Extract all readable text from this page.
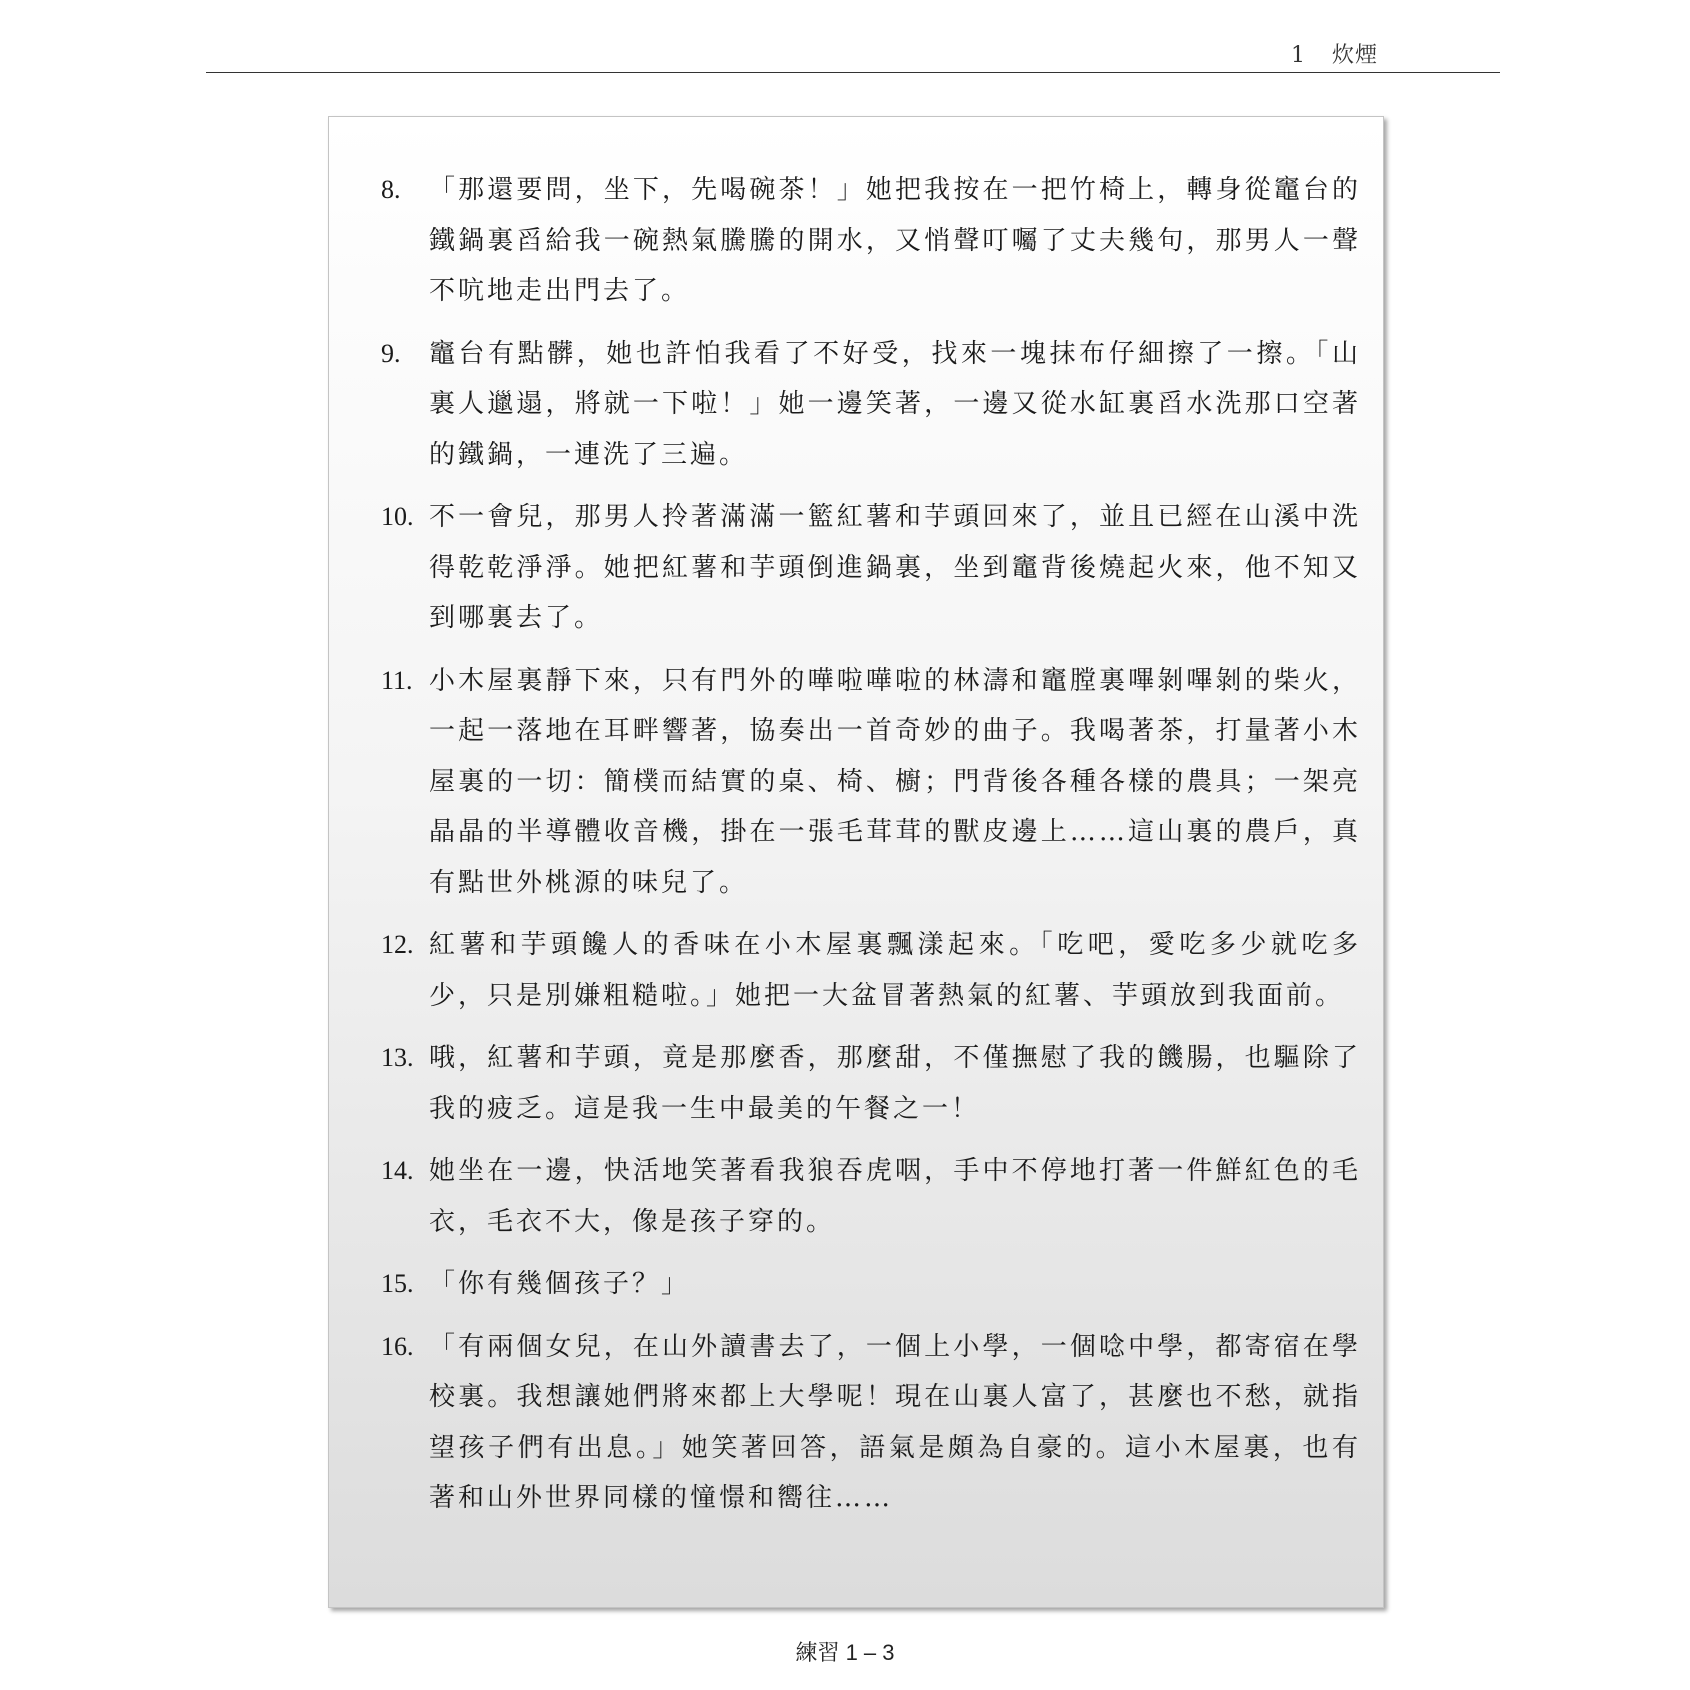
1 炊煙
8. 「那還要問，坐下，先喝碗茶！」她把我按在一把竹椅上，轉身從竈台的鐵鍋裏舀給我一碗熱氣騰騰的開水，又悄聲叮囑了丈夫幾句，那男人一聲不吭地走出門去了。
9. 竈台有點髒，她也許怕我看了不好受，找來一塊抹布仔細擦了一擦。「山裏人邋遢，將就一下啦！」她一邊笑著，一邊又從水缸裏舀水洗那口空著的鐵鍋，一連洗了三遍。
10. 不一會兒，那男人拎著滿滿一籃紅薯和芋頭回來了，並且已經在山溪中洗得乾乾淨淨。她把紅薯和芋頭倒進鍋裏，坐到竈背後燒起火來，他不知又到哪裏去了。
11. 小木屋裏靜下來，只有門外的嘩啦嘩啦的林濤和竈膛裏嗶剝嗶剝的柴火，一起一落地在耳畔響著，協奏出一首奇妙的曲子。我喝著茶，打量著小木屋裏的一切：簡樸而結實的桌、椅、櫥；門背後各種各樣的農具；一架亮晶晶的半導體收音機，掛在一張毛茸茸的獸皮邊上……這山裏的農戶，真有點世外桃源的味兒了。
12. 紅薯和芋頭饞人的香味在小木屋裏飄漾起來。「吃吧，愛吃多少就吃多少，只是別嫌粗糙啦。」她把一大盆冒著熱氣的紅薯、芋頭放到我面前。
13. 哦，紅薯和芋頭，竟是那麼香，那麼甜，不僅撫慰了我的饑腸，也驅除了我的疲乏。這是我一生中最美的午餐之一！
14. 她坐在一邊，快活地笑著看我狼吞虎咽，手中不停地打著一件鮮紅色的毛衣，毛衣不大，像是孩子穿的。
15. 「你有幾個孩子？」
16. 「有兩個女兒，在山外讀書去了，一個上小學，一個唸中學，都寄宿在學校裏。我想讓她們將來都上大學呢！現在山裏人富了，甚麼也不愁，就指望孩子們有出息。」她笑著回答，語氣是頗為自豪的。這小木屋裏，也有著和山外世界同樣的憧憬和嚮往……
練習 1 – 3
